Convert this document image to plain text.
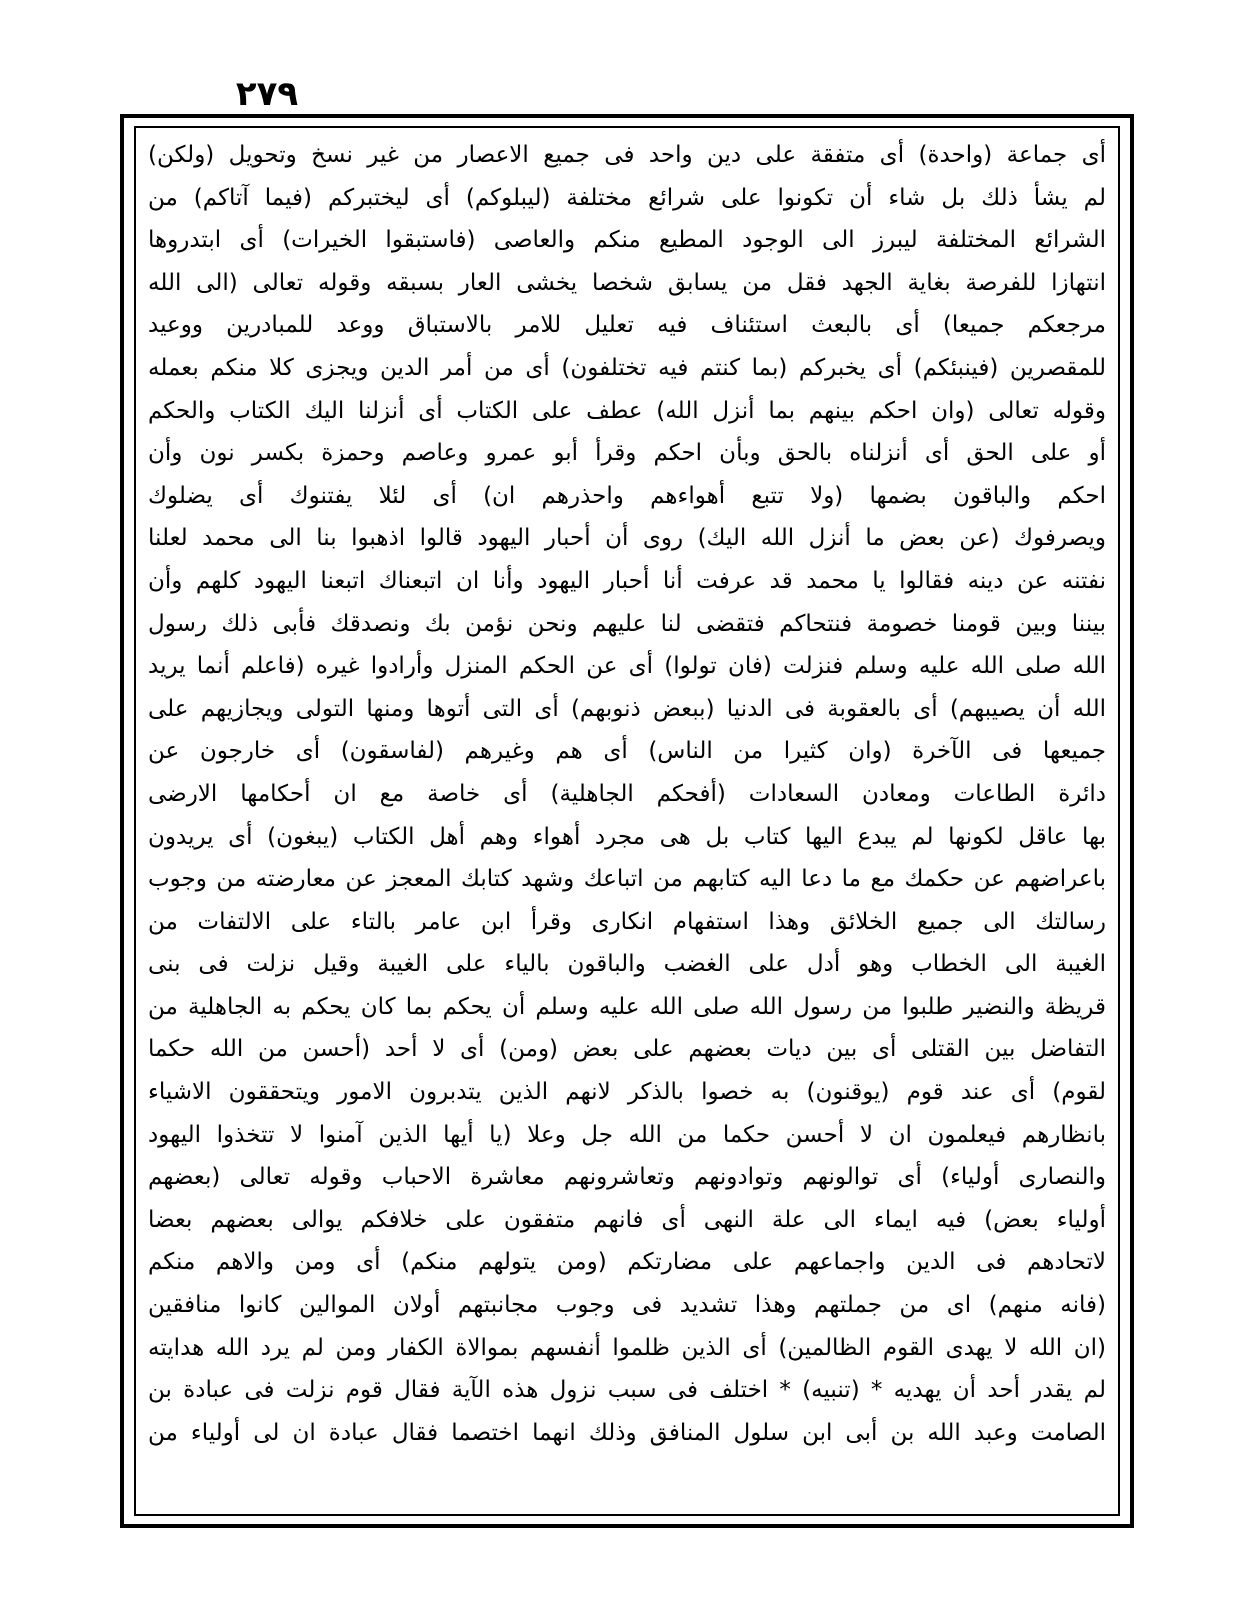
٢٧٩
أى جماعة (واحدة) أى متفقة على دين واحد فى جميع الاعصار من غير نسخ وتحويل (ولكن)
لم يشأ ذلك بل شاء أن تكونوا على شرائع مختلفة (ليبلوكم) أى ليختبركم (فيما آتاكم) من
الشرائع المختلفة ليبرز الى الوجود المطيع منكم والعاصى (فاستبقوا الخيرات) أى ابتدروها
انتهازا للفرصة بغاية الجهد فقل من يسابق شخصا يخشى العار بسبقه وقوله تعالى (الى الله
مرجعكم جميعا) أى بالبعث استئناف فيه تعليل للامر بالاستباق ووعد للمبادرين ووعيد
للمقصرين (فينبئكم) أى يخبركم (بما كنتم فيه تختلفون) أى من أمر الدين ويجزى كلا منكم بعمله
وقوله تعالى (وان احكم بينهم بما أنزل الله) عطف على الكتاب أى أنزلنا اليك الكتاب والحكم
أو على الحق أى أنزلناه بالحق وبأن احكم وقرأ أبو عمرو وعاصم وحمزة بكسر نون وأن
احكم والباقون بضمها (ولا تتبع أهواءهم واحذرهم ان) أى لئلا يفتنوك أى يضلوك
ويصرفوك (عن بعض ما أنزل الله اليك) روى أن أحبار اليهود قالوا اذهبوا بنا الى محمد لعلنا
نفتنه عن دينه فقالوا يا محمد قد عرفت أنا أحبار اليهود وأنا ان اتبعناك اتبعنا اليهود كلهم وأن
بيننا وبين قومنا خصومة فنتحاكم فتقضى لنا عليهم ونحن نؤمن بك ونصدقك فأبى ذلك رسول
الله صلى الله عليه وسلم فنزلت (فان تولوا) أى عن الحكم المنزل وأرادوا غيره (فاعلم أنما يريد
الله أن يصيبهم) أى بالعقوبة فى الدنيا (ببعض ذنوبهم) أى التى أتوها ومنها التولى ويجازيهم على
جميعها فى الآخرة (وان كثيرا من الناس) أى هم وغيرهم (لفاسقون) أى خارجون عن
دائرة الطاعات ومعادن السعادات (أفحكم الجاهلية) أى خاصة مع ان أحكامها الارضى
بها عاقل لكونها لم يبدع اليها كتاب بل هى مجرد أهواء وهم أهل الكتاب (يبغون) أى يريدون
باعراضهم عن حكمك مع ما دعا اليه كتابهم من اتباعك وشهد كتابك المعجز عن معارضته من وجوب
رسالتك الى جميع الخلائق وهذا استفهام انكارى وقرأ ابن عامر بالتاء على الالتفات من
الغيبة الى الخطاب وهو أدل على الغضب والباقون بالياء على الغيبة وقيل نزلت فى بنى
قريظة والنضير طلبوا من رسول الله صلى الله عليه وسلم أن يحكم بما كان يحكم به الجاهلية من
التفاضل بين القتلى أى بين ديات بعضهم على بعض (ومن) أى لا أحد (أحسن من الله حكما
لقوم) أى عند قوم (يوقنون) به خصوا بالذكر لانهم الذين يتدبرون الامور ويتحققون الاشياء
بانظارهم فيعلمون ان لا أحسن حكما من الله جل وعلا (يا أيها الذين آمنوا لا تتخذوا اليهود
والنصارى أولياء) أى توالونهم وتوادونهم وتعاشرونهم معاشرة الاحباب وقوله تعالى (بعضهم
أولياء بعض) فيه ايماء الى علة النهى أى فانهم متفقون على خلافكم يوالى بعضهم بعضا
لاتحادهم فى الدين واجماعهم على مضارتكم (ومن يتولهم منكم) أى ومن والاهم منكم
(فانه منهم) اى من جملتهم وهذا تشديد فى وجوب مجانبتهم أولان الموالين كانوا منافقين
(ان الله لا يهدى القوم الظالمين) أى الذين ظلموا أنفسهم بموالاة الكفار ومن لم يرد الله هدايته
لم يقدر أحد أن يهديه * (تنبيه) * اختلف فى سبب نزول هذه الآية فقال قوم نزلت فى عبادة بن
الصامت وعبد الله بن أبى ابن سلول المنافق وذلك انهما اختصما فقال عبادة ان لى أولياء من
